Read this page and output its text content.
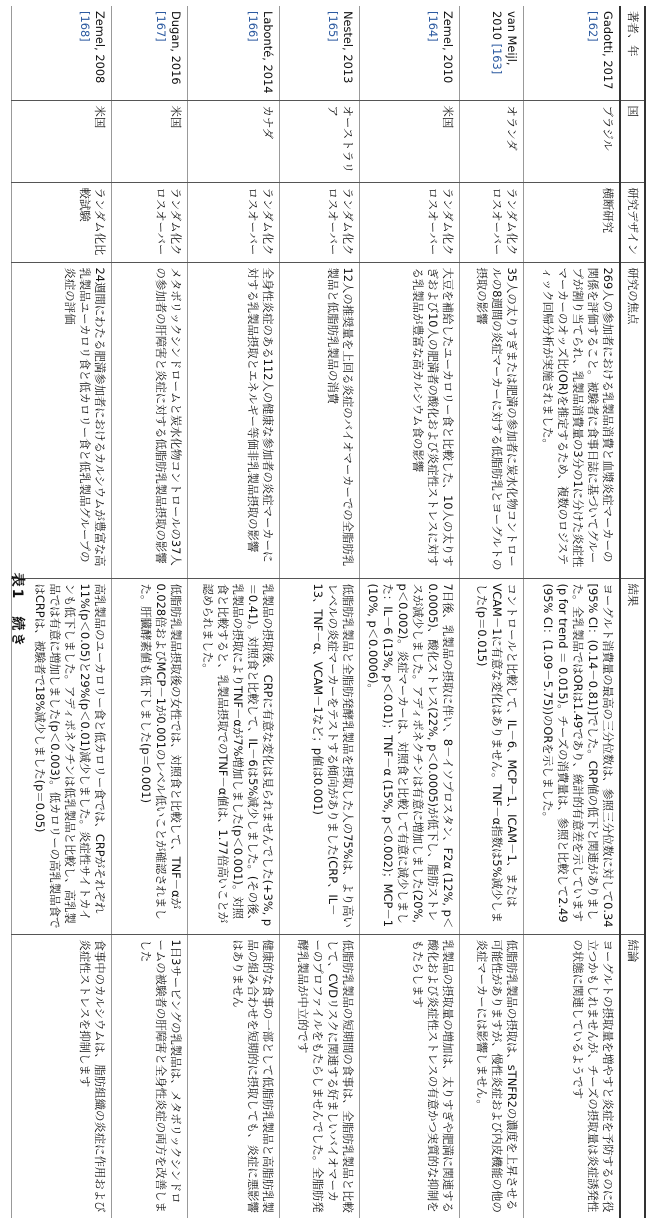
著者、年	国	研究デザイン	研究の焦点	結果	結論
Gadotti, 2017 [162]	ブラジル	横断研究	269人の参加者における乳製品消費と血漿炎症マーカーの関係を評価すること。被験者に食事日誌に基づいてグループが割り当てられ、乳製品消費量の3分の1に分けた炎症性マーカーのオッズ比(OR)を推定するため、複数のロジスティック回帰分析が実施されました。	ヨーグルト消費量の最高の三分位数は、参照三分位数に対して0.34 [95% CI：(0.14－0.81)]でした。CRP値の低下と関連がありました。全乳製品ではORは1.49であり、統計的有意差を示しています(p for trend ＝ 0.015)。チーズの消費量は、参照と比較して2.49 (95% CI：(1.09－5.75))のORを示しました。	ヨーグルトの摂取量を増やすと炎症を予防するのに役立つかもしれませんが、チーズの摂取量は炎症誘発性の状態に関連しているようです
van Meijl, 2010 [163]	オランダ	ランダム化クロスオーバー	35人の太りすぎまたは肥満の参加者に炭水化物コントロールの8週間の炎症マーカーに対する低脂肪乳とヨーグルトの摂取の影響	コントロールと比較して、IL－6、MCP－1、ICAM－1、またはVCAM－1に有意な変化はありません。TNF－α指数は5%減少しました(p＝0.015)	低脂肪乳製品の摂取は、sTNFR2の濃度を上昇させる可能性がありますが、慢性炎症および内皮機能の他の炎症マーカーには影響しません。
Zemel, 2010 [164]	米国	ランダム化クロスオーバー	大豆を補給したユーカロリー食と比較した、10人の太りすぎおよび10人の肥満者の酸化および炎症性ストレスに対する乳製品が豊富な高カルシウム食の影響	7日後、乳製品の摂取に伴い、8－イソプロスタン、F2α (12%, p＜0.0005)、酸化ストレス(22%, p＜0.0005)が低下し、脂肪ストレスが減少しました。アディポネクチンは有意に増加しました(20%, p＜0.002)。炎症マーカーは、対照食と比較して有意に減少しました：IL－6 (13%, p＜0.01)；TNF－α (15%, p＜0.002)；MCP－1 (10%, p＜0.0006)。	乳製品の摂取量の増加は、太りすぎや肥満に関連する酸化および炎症性ストレスの有意かつ実質的な抑制をもたらします
Nestel, 2013 [165]	オーストラリア	ランダム化クロスオーバー	12人の推奨量を上回る炎症のバイオマーカーでの全脂肪乳製品と低脂肪乳製品の消費	低脂肪乳製品と全脂肪発酵乳製品を摂取した人の75%は、より高いレベルの炎症マーカーをテストする傾向がありました(CRP、IL－13、TNF－α、VCAM－1など；p値は0.001)	低脂肪乳製品の短期間の食事は、全脂肪乳製品と比較して、CVDリスクに関連する好ましいバイオマーカーのプロファイルをもたらしませんでした。全脂肪発酵乳製品が中立的です
Labonté, 2014 [166]	カナダ	ランダム化クロスオーバー	全身性炎症のある112人の健康な参加者の炎症マーカーに対する乳製品摂取とエネルギー等価非乳製品摂取の影響	乳製品の摂取後、CRPに有意な変化は見られませんでした(+3%, p＝0.41)。対照食と比較して、IL－6は5%減少しました。(その後、乳製品の摂取によりTNF－αが7%増加しました(p＜0.001)。対照食と比較すると、乳製品摂取でのTNF－α値は、1.77倍高いことが認められました。	健康的な食事の一部として低脂肪乳製品と高脂肪乳製品の組み合わせを短期的に摂取しても、炎症に悪影響はありません
Dugan, 2016 [167]	米国	ランダム化クロスオーバー	メタボリックシンドロームと炭水化物コントロールの37人の参加者の肝障害と炎症に対する低脂肪乳製品摂取の影響	低脂肪乳製品摂取後の女性では、対照食と比較して、TNF－αが0.028倍およびMCP－1が0.001のレベル低いことが確認されました。肝臓酵素値も低下しました(p＝0.001)	1日3サービングの乳製品は、メタボリックシンドロームの被験者の肝障害と全身性炎症の両方を改善しました
Zemel, 2008 [168]	米国	ランダム化比較試験	24週間にわたる肥満参加者におけるカルシウムが豊富な高乳製品ユーカロリ食と低カロリー食と低乳製品グループの炎症の評価	高乳製品のユーカロリー食と低カロリー食では、CRPがそれぞれ11%(p＜0.05)と29%(p＜0.01)減少しました。炎症性サイトカインも低下しました。アディポネクチンは低乳製品と比較し、高乳製品では有意に増加しました(p＜0.003)。低カロリーの高乳製品食ではCRPは、被験者で18%減少しました(p＝0.05)	食事中のカルシウムは、脂肪組織の炎症に作用および炎症性ストレスを抑制します
表1　続き
